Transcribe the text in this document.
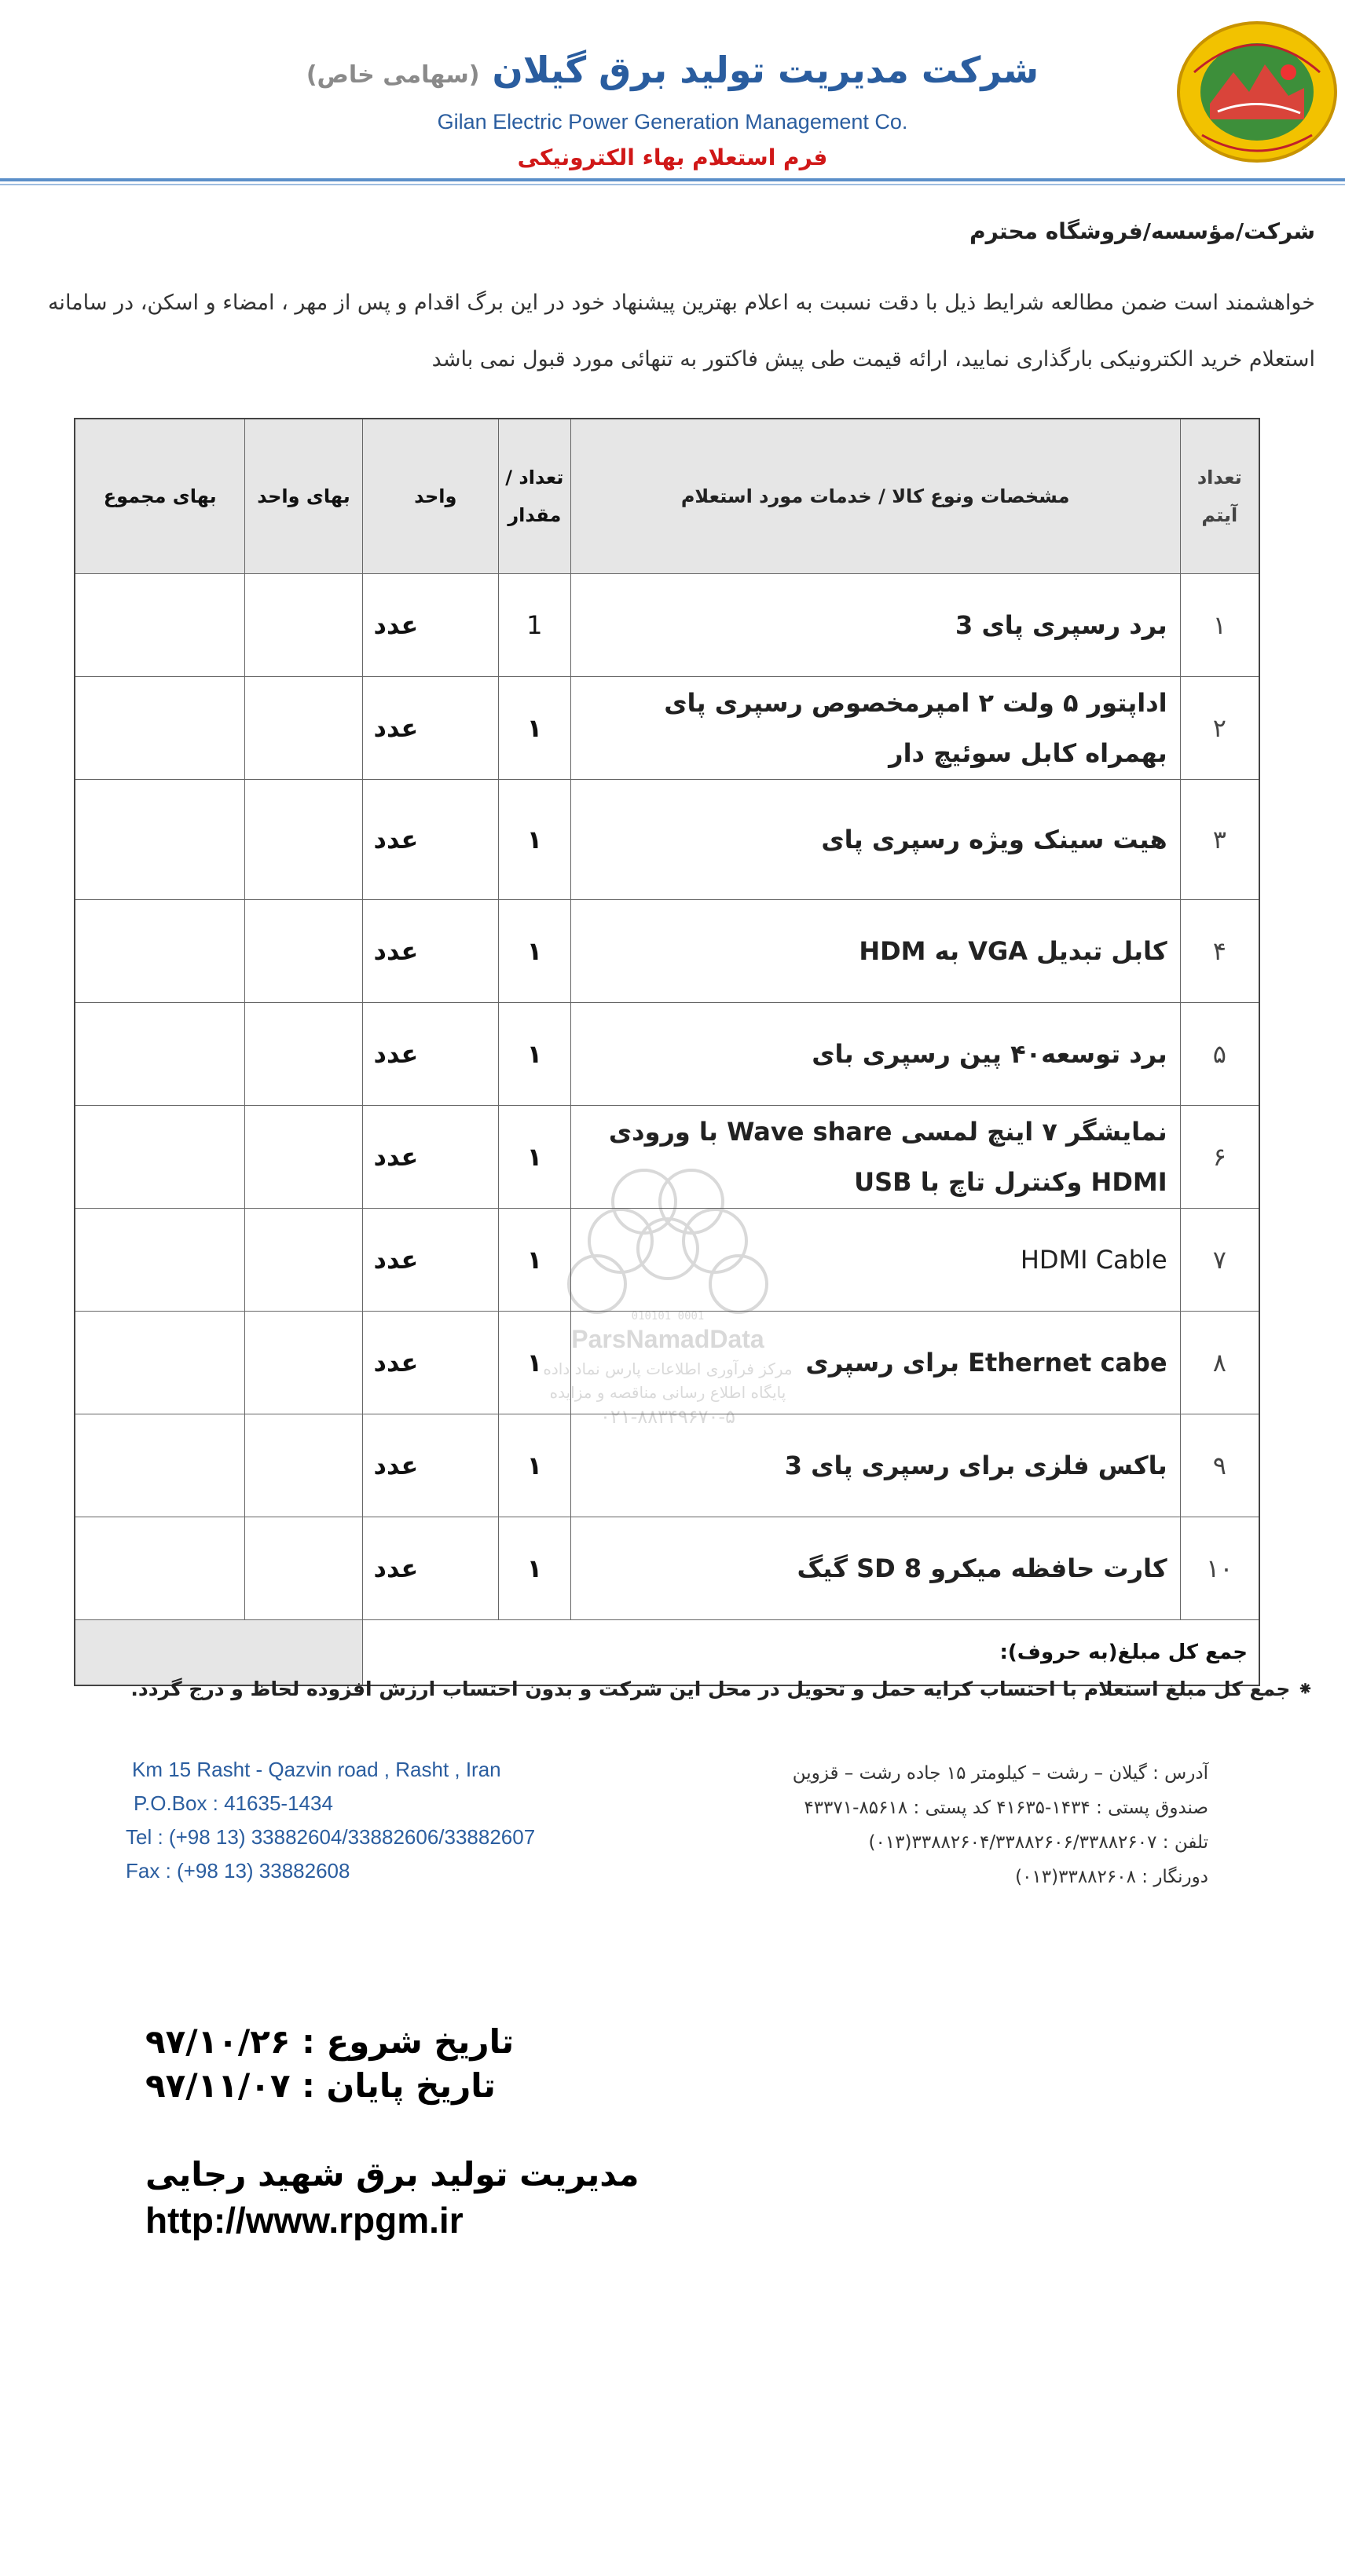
شرکت مدیریت تولید برق گیلان (سهامی خاص)
Gilan Electric Power Generation Management Co.
فرم استعلام بهاء الکترونیکی
شرکت/مؤسسه/فروشگاه محترم
خواهشمند است ضمن مطالعه شرایط ذیل با دقت نسبت به اعلام بهترین پیشنهاد خود در این برگ اقدام و پس از مهر ، امضاء و اسکن، در سامانه استعلام خرید الکترونیکی بارگذاری نمایید، ارائه قیمت طی پیش فاکتور به تنهائی مورد قبول نمی باشد
تعداد آیتم	مشخصات ونوع کالا / خدمات مورد استعلام	تعداد / مقدار	واحد	بهای واحد	بهای مجموع
۱	برد رسپری پای 3	1	عدد		
۲	اداپتور ۵ ولت ۲ امپرمخصوص رسپری پای بهمراه کابل سوئیچ دار	۱	عدد		
۳	هیت سینک ویژه رسپری پای	۱	عدد		
۴	کابل تبدیل VGA به HDM	۱	عدد		
۵	برد توسعه۴۰ پین رسپری بای	۱	عدد		
۶	نمایشگر ۷ اینچ لمسی Wave share با ورودی HDMI وکنترل تاچ با USB	۱	عدد		
۷	HDMI Cable	۱	عدد		
۸	Ethernet cabe برای رسپری	۱	عدد		
۹	باکس فلزی برای رسپری پای 3	۱	عدد		
۱۰	کارت حافظه میکرو SD 8 گیگ	۱	عدد		
جمع کل مبلغ(به حروف):					
010101 0001
ParsNamadData
مرکز فرآوری اطلاعات پارس نماد داده
پایگاه اطلاع رسانی مناقصه و مزایده
۰۲۱-۸۸۳۴۹۶۷۰-۵
⁕ جمع کل مبلغ استعلام با احتساب کرایه حمل و تحویل در محل این شرکت و بدون احتساب ارزش افزوده لحاظ و درج گردد.
آدرس : گیلان – رشت – کیلومتر ۱۵ جاده رشت – قزوین
صندوق پستی : ۱۴۳۴-۴۱۶۳۵ کد پستی : ۸۵۶۱۸-۴۳۳۷۱
تلفن : ۳۳۸۸۲۶۰۴/۳۳۸۸۲۶۰۶/۳۳۸۸۲۶۰۷(۰۱۳)
دورنگار : ۳۳۸۸۲۶۰۸(۰۱۳)
Km 15 Rasht - Qazvin road , Rasht , Iran
P.O.Box : 41635-1434
Tel : (+98 13) 33882604/33882606/33882607
Fax : (+98 13) 33882608
تاریخ شروع : ۹۷/۱۰/۲۶
تاریخ پایان : ۹۷/۱۱/۰۷
مدیریت تولید برق شهید رجایی
http://www.rpgm.ir
